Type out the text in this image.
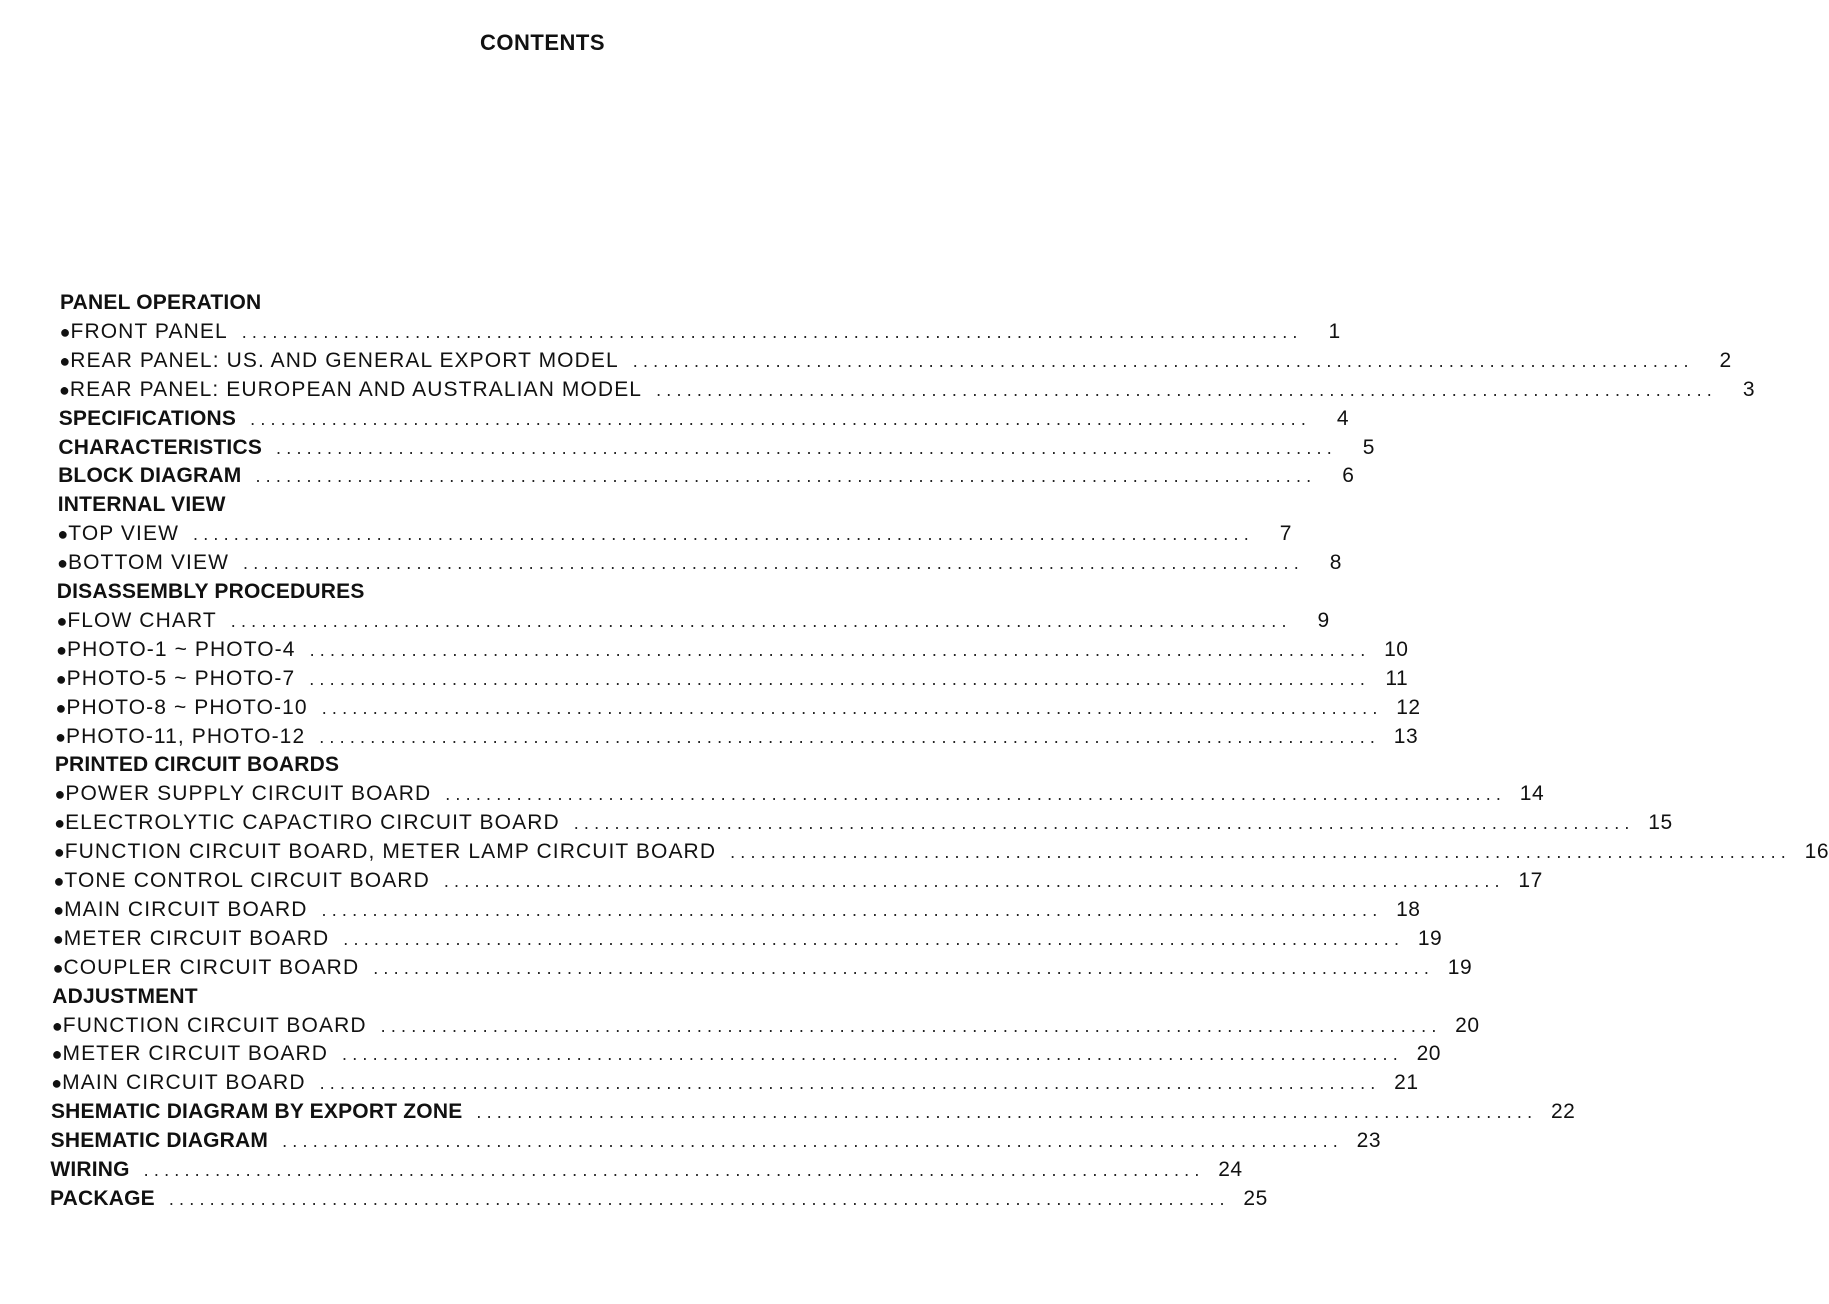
CONTENTS
PANEL OPERATION
● FRONT PANEL ........................................................................................................	1
● REAR PANEL: US. AND GENERAL EXPORT MODEL ........................................................................................................	2
● REAR PANEL: EUROPEAN AND AUSTRALIAN MODEL ........................................................................................................	3
SPECIFICATIONS ........................................................................................................	4
CHARACTERISTICS ........................................................................................................	5
BLOCK DIAGRAM ........................................................................................................	6
INTERNAL VIEW
● TOP VIEW ........................................................................................................	7
● BOTTOM VIEW ........................................................................................................	8
DISASSEMBLY PROCEDURES
● FLOW CHART ........................................................................................................	9
● PHOTO-1 ~ PHOTO-4 ........................................................................................................ 10
● PHOTO-5 ~ PHOTO-7 ........................................................................................................ 11
● PHOTO-8 ~ PHOTO-10 ........................................................................................................ 12
● PHOTO-11, PHOTO-12 ........................................................................................................ 13
PRINTED CIRCUIT BOARDS
● POWER SUPPLY CIRCUIT BOARD ........................................................................................................ 14
● ELECTROLYTIC CAPACTIRO CIRCUIT BOARD ........................................................................................................ 15
● FUNCTION CIRCUIT BOARD, METER LAMP CIRCUIT BOARD ........................................................................................................ 16
● TONE CONTROL CIRCUIT BOARD ........................................................................................................ 17
● MAIN CIRCUIT BOARD ........................................................................................................ 18
● METER CIRCUIT BOARD ........................................................................................................ 19
● COUPLER CIRCUIT BOARD ........................................................................................................ 19
ADJUSTMENT
● FUNCTION CIRCUIT BOARD ........................................................................................................ 20
● METER CIRCUIT BOARD ........................................................................................................ 20
● MAIN CIRCUIT BOARD ........................................................................................................ 21
SHEMATIC DIAGRAM BY EXPORT ZONE ........................................................................................................ 22
SHEMATIC DIAGRAM ........................................................................................................ 23
WIRING ........................................................................................................ 24
PACKAGE ........................................................................................................ 25
